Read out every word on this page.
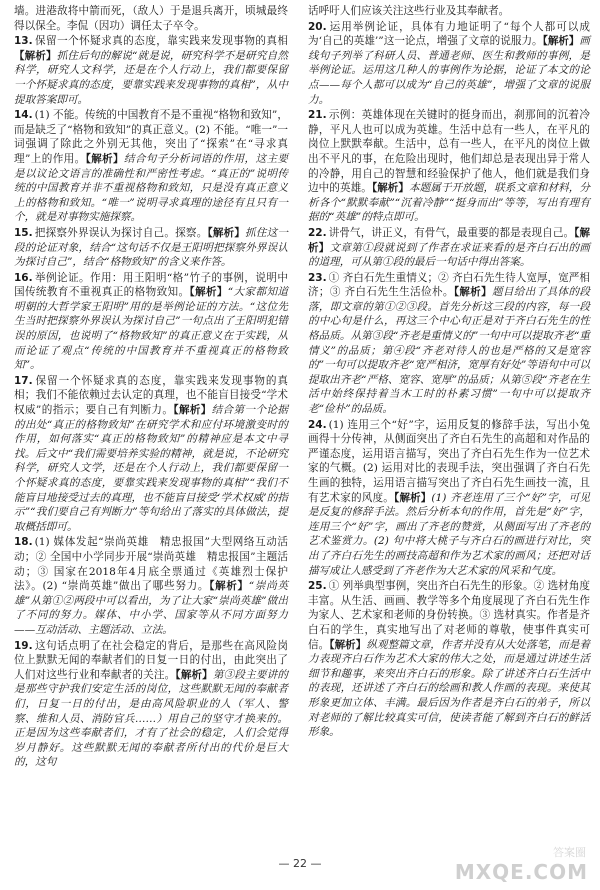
墙。进港敌将中箭而死，（敌人）于是退兵离开，顷城最终得以保全。李侃（因功）调任太子卒令。

13. 保留一个怀疑求真的态度，靠实践来发现事物的真相【解析】抓住后句的解说“就是说，研究科学不是研究自然科学，研究人文科学，还是在个人行动上，我们都要保留一个怀疑求真的态度，要靠实践来发现事物的真相”，从中提取答案即可。

14. (1) 不能。传统的中国教育不是不重视“格物和致知”，而是缺乏了“格物和致知”的真正意义。(2) 不能。“唯一”一词强调了除此之外别无其他，突出了“探索”在“寻求真理”上的作用。【解析】结合句子分析词语的作用，这主要是以议论文语言的准确性和严密性考虑。“真正的”说明传统的中国教育并非不重视格物和致知，只是没有真正意义上的格物和致知。“唯一”说明寻求真理的途径有且只有一个，就是对事物实施探察。

15. 把探察外界误认为探讨自己。探察。【解析】抓住这一段的论证对象，结合“这句话不仅是王阳明把探察外界误认为探讨自己”，结合“格物致知”的含义来作答。

16. 举例论证。作用：用王阳明“格”竹子的事例，说明中国传统教育不重视真正的格物致知。【解析】“大家都知道明朝的大哲学家王阳明”用的是举例论证的方法。“这位先生当时把探察外界误认为探讨自己”一句点出了王阳明犯错误的原因，也说明了“格物致知”的真正意义在于实践，从而论证了观点“传统的中国教育并不重视真正的格物致知”。

17. 保留一个怀疑求真的态度，靠实践来发现事物的真相；我们不能依赖过去认定的真理，也不能盲目接受“学术权威”的指示；要自己有判断力。【解析】结合第一个论据的出处“真正的格物致知”在研究学术和应付环境激变时的作用，如何落实“真正的格物致知”的精神应是本文中寻找。后文中“我们需要培养实验的精神，就是说，不论研究科学，研究人文学，还是在个人行动上，我们都要保留一个怀疑求真的态度，要靠实践来发现事物的真相”“我们不能盲目地接受过去的真理，也不能盲目接受‘学术权威’的指示”“我们要自己有判断力”等句给出了落实的具体做法，提取概括即可。

18. (1) 媒体发起“崇尚英雄　精忠报国”大型网络互动活动；② 全国中小学同步开展“崇尚英雄　精忠报国”主题活动；③ 国家在2018年4月底全票通过《英雄烈士保护法》。(2) “崇尚英雄”做出了哪些努力。【解析】“崇尚英雄”从第①②两段中可以看出，为了让大家“崇尚英雄”做出了不同的努力。媒体、中小学、国家等从不同方面努力——互动活动、主题活动、立法。

19. 这句话点明了在社会稳定的背后，是那些在高风险岗位上默默无闻的奉献者们的日复一日的付出，由此突出了人们对这些行业和奉献者的关注。【解析】第③段主要讲的是那些守护我们安定生活的岗位，这些默默无闻的奉献者们，日复一日的付出，是由高风险职业的人（军人、警察、维和人员、消防官兵……）用自己的坚守才换来的。正是因为这些奉献者们，才有了社会的稳定，人们会觉得岁月静好。这些默默无闻的奉献者所付出的代价是巨大的，这句

话呼吁人们应该关注这些行业及其奉献者。

20. 运用举例论证，具体有力地证明了“每个人都可以成为‘自己的英雄’”这一论点，增强了文章的说服力。【解析】画线句子列举了科研人员、普通老师、医生和教师的事例，是举例论证。运用这几种人的事例作为论据，论证了本文的论点——每个人都可以成为“自己的英雄”，增强了文章的说服力。

21. 示例：英雄体现在关键时的挺身而出，刹那间的沉着冷静，平凡人也可以成为英雄。生活中总有一些人，在平凡的岗位上默默奉献。生活中，总有一些人，在平凡的岗位上做出不平凡的事，在危险出现时，他们却总是表现出异于常人的冷静，用自己的智慧和经验保护了他人，他们就是我们身边中的英雄。【解析】本题属于开放题，联系文章和材料，分析各个“默默奉献”“沉着冷静”“挺身而出”等等，写出有理有据的“英雄”的特点即可。

22. 讲骨气，讲正义，有骨气，最重要的都是表现自己。【解析】文章第①段就说到了作者在求证来看的是齐白石出的画的道理，可从第①段的最后一句话中得出答案。

23. ① 齐白石先生重情义；② 齐白石先生待人宽厚，宽严相济；③ 齐白石先生生活俭朴。【解析】题目给出了具体的段落，即文章的第①②③段。首先分析这三段的内容，每一段的中心句是什么，再这三个中心句正是对于齐白石先生的性格品质。从第③段“齐老是重情义的”一句中可以提取齐老“重情义”的品质；第④段“齐老对待人的也是严格的又是宽容的”一句可以提取齐老“宽严相济，宽厚有好处”等语句中可以提取出齐老“严格、宽容、宽厚”的品质；从第⑤段“齐老在生活中始终保持着当木工时的朴素习惯”一句中可以提取齐老“俭朴”的品质。

24. (1) 连用三个“好”字，运用反复的修辞手法，写出小兔画得十分传神，从侧面突出了齐白石先生的高超和对作品的严谨态度，运用语言描写，突出了齐白石先生作为一位艺术家的气概。(2) 运用对比的表现手法，突出强调了齐白石先生画的独特，运用语言描写突出了齐白石先生画技一流，且有艺术家的风度。【解析】(1) 齐老连用了三个“好”字，可见是反复的修辞手法。然后分析本句的作用，首先是“好”字，连用三个“好”字，画出了齐老的赞赏，从侧面写出了齐老的艺术鉴赏力。(2) 句中将大桃子与齐白石的画进行对比，突出了齐白石先生的画技高超和作为艺术家的画风；还把对话描写成让人感受到了齐老作为大艺术家的风采和气度。

25. ① 列举典型事例，突出齐白石先生的形象。② 选材角度丰富。从生活、画画、教学等多个角度展现了齐白石先生作为家人、艺术家和老师的身份转换。③ 选材真实。作者是齐白石的学生，真实地写出了对老师的尊敬，使事件真实可信。【解析】纵观整篇文章，作者并没有从大处落笔，而是着力表现齐白石作为艺术大家的伟大之处，而是通过讲述生活细节和趣事，来突出齐白石的形象。除了讲述齐白石生活中的表现，还讲述了齐白石的绘画和教人作画的表现。来使其形象更加立体、丰满。最后因为作者是齐白石的弟子，所以对老师的了解比较真实可信，使读者能了解到齐白石的鲜活形象。

— 22 —
答案圈
MXQE.COM
